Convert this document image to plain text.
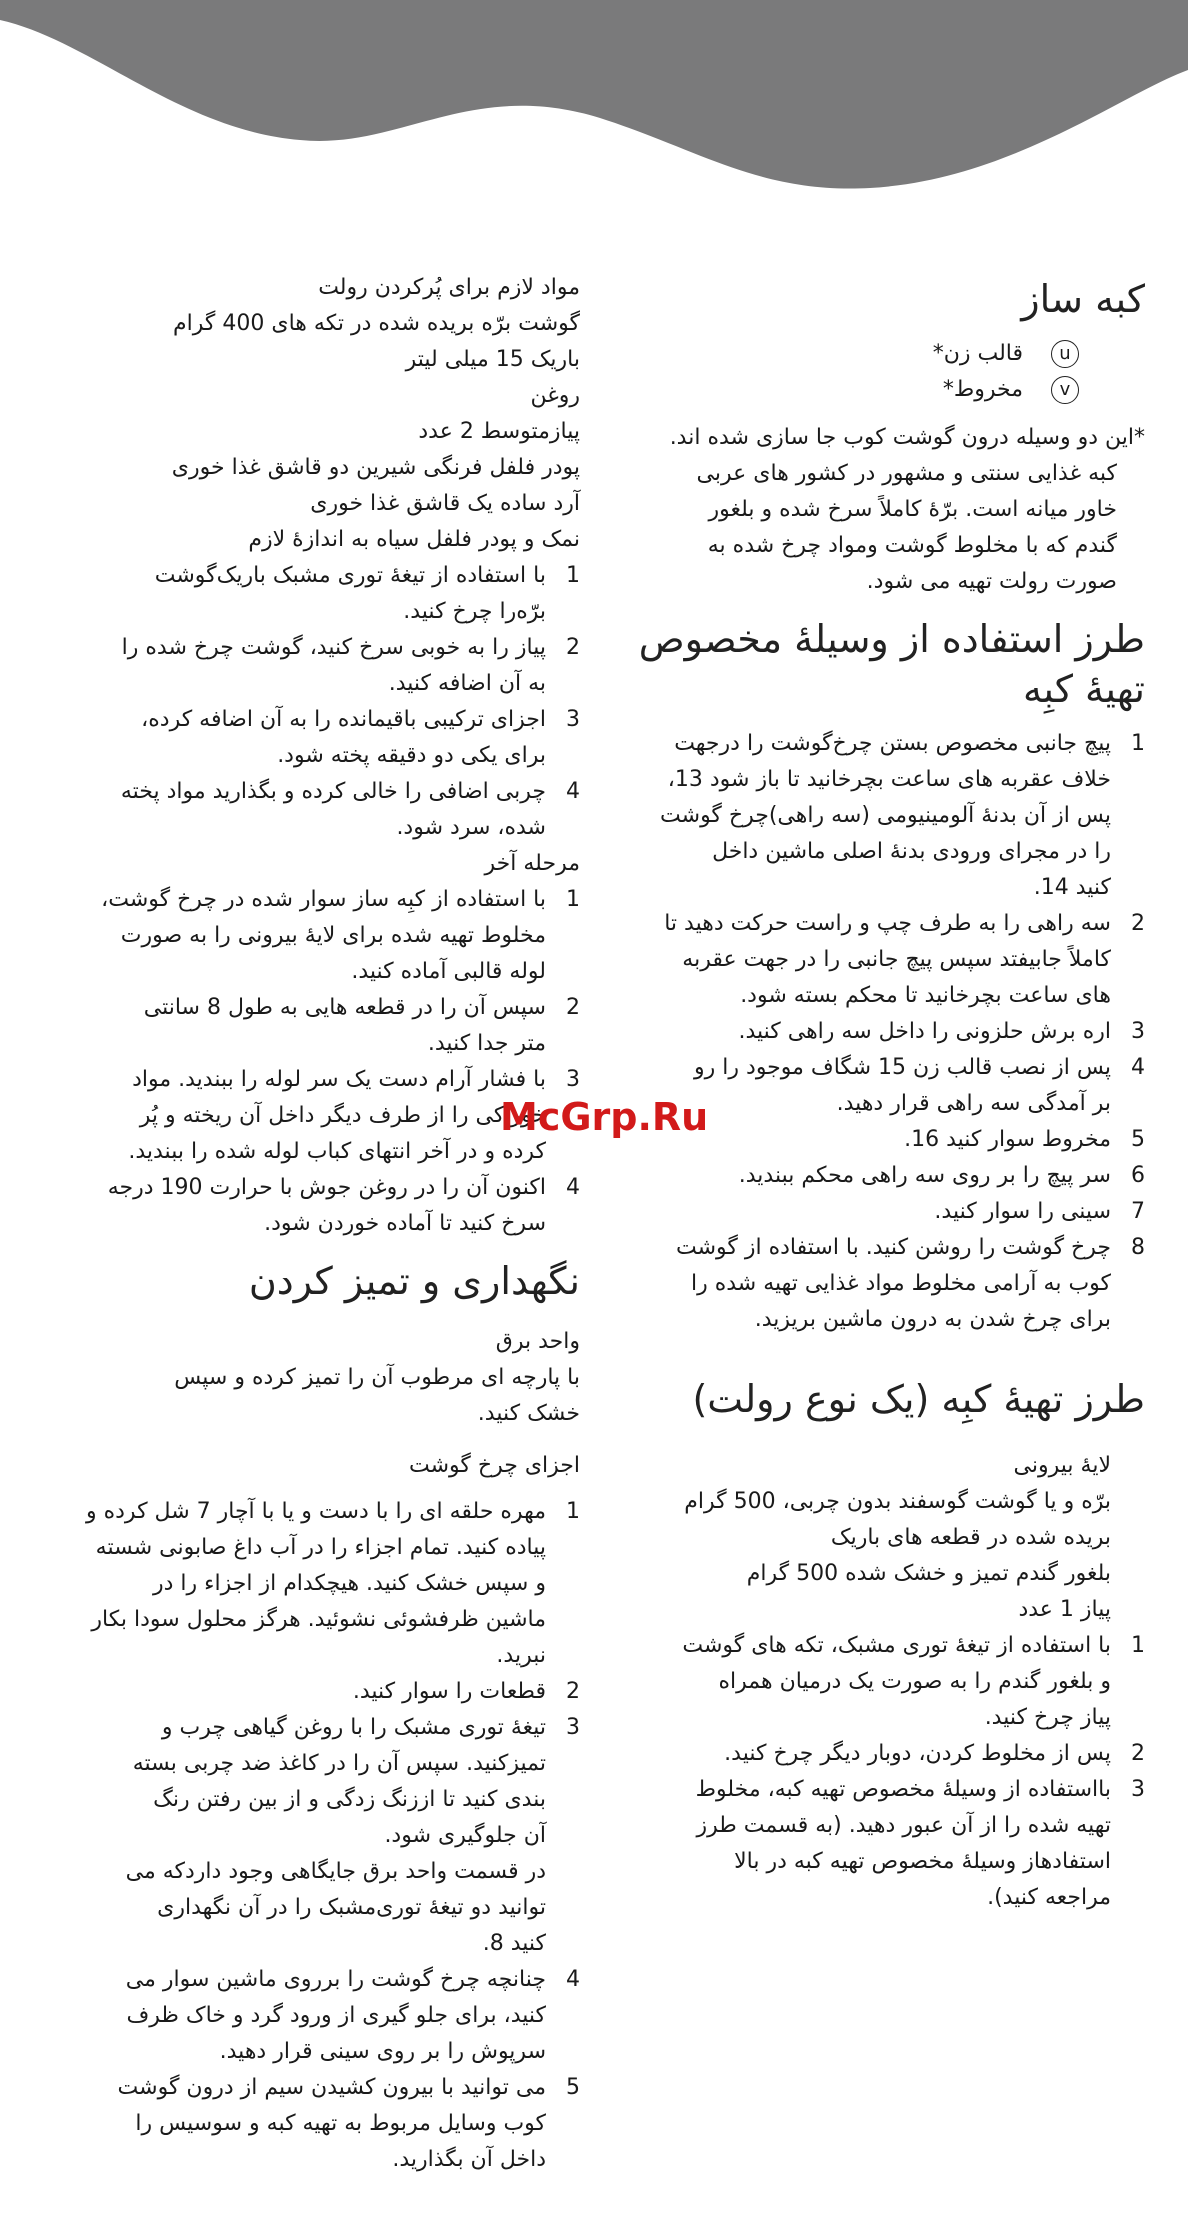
کبه ساز
u
قالب زن*
v
مخروط*
*این دو وسیله درون گوشت کوب جا سازی شده اند.
کبه غذایی سنتی و مشهور در کشور های عربی
خاور میانه است. برّهٔ کاملاً سرخ شده و بلغور
گندم که با مخلوط گوشت ومواد چرخ شده به
صورت رولت تهیه می شود.
طرز استفاده از وسیلهٔ مخصوص
تهیهٔ کبِه
1
پیچ جانبی مخصوص بستن چرخ‌گوشت را درجهت
خلاف عقربه های ساعت بچرخانید تا باز شود 13،
پس از آن بدنهٔ آلومینیومی (سه راهی)چرخ گوشت
را در مجرای ورودی بدنهٔ اصلی ماشین داخل
کنید 14.
2
سه راهی را به طرف چپ و راست حرکت دهید تا
کاملاً جابیفتد سپس پیچ جانبی را در جهت عقربه
های ساعت بچرخانید تا محکم بسته شود.
3
اره برش حلزونی را داخل سه راهی کنید.
4
پس از نصب قالب زن 15 شگاف موجود را رو
بر آمدگی سه راهی قرار دهید.
5
مخروط سوار کنید 16.
6
سر پیچ را بر روی سه راهی محکم ببندید.
7
سینی را سوار کنید.
8
چرخ گوشت را روشن کنید. با استفاده از گوشت
کوب به آرامی مخلوط مواد غذایی تهیه شده را
برای چرخ شدن به درون ماشین بریزید.
طرز تهیهٔ کبِه (یک نوع رولت)
لایهٔ بیرونی
برّه و یا گوشت گوسفند بدون چربی، 500 گرام
بریده شده در قطعه های باریک
بلغور گندم تمیز و خشک شده 500 گرام
پیاز 1 عدد
1
با استفاده از تیغهٔ توری مشبک، تکه های گوشت
و بلغور گندم را به صورت یک درمیان همراه
پیاز چرخ کنید.
2
پس از مخلوط کردن، دوبار دیگر چرخ کنید.
3
بااستفاده از وسیلهٔ مخصوص تهیه کبه، مخلوط
تهیه شده را از آن عبور دهید. (به قسمت طرز
استفادهاز وسیلهٔ مخصوص تهیه کبه در بالا
مراجعه کنید).
مواد لازم برای پُرکردن رولت
گوشت برّه بریده شده در تکه های 400 گرام
باریک 15 میلی لیتر
روغن
پیازمتوسط 2 عدد
پودر فلفل فرنگی شیرین دو قاشق غذا خوری
آرد ساده یک قاشق غذا خوری
نمک و پودر فلفل سیاه به اندازهٔ لازم
1
با استفاده از تیغهٔ توری مشبک باریک‌گوشت
برّه‌را چرخ کنید.
2
پیاز را به خوبی سرخ کنید، گوشت چرخ شده را
به آن اضافه کنید.
3
اجزای ترکیبی باقیمانده را به آن اضافه کرده،
برای یکی دو دقیقه پخته شود.
4
چربی اضافی را خالی کرده و بگذارید مواد پخته
شده، سرد شود.
مرحله آخر
1
با استفاده از کبِه ساز سوار شده در چرخ گوشت،
مخلوط تهیه شده برای لایهٔ بیرونی را به صورت
لوله قالبی آماده کنید.
2
سپس آن را در قطعه هایی به طول 8 سانتی
متر جدا کنید.
3
با فشار آرام دست یک سر لوله را ببندید. مواد
خوراکی را از طرف دیگر داخل آن ریخته و پُر
کرده و در آخر انتهای کباب لوله شده را ببندید.
4
اکنون آن را در روغن جوش با حرارت 190 درجه
سرخ کنید تا آماده خوردن شود.
نگهداری و تمیز کردن
واحد برق
با پارچه ای مرطوب آن را تمیز کرده و سپس
خشک کنید.
اجزای چرخ گوشت
1
مهره حلقه ای را با دست و یا با آچار 7 شل کرده و
پیاده کنید. تمام اجزاء را در آب داغ صابونی شسته
و سپس خشک کنید. هیچکدام از اجزاء را در
ماشین ظرفشوئی نشوئید. هرگز محلول سودا بکار
نبرید.
2
قطعات را سوار کنید.
3
تیغهٔ توری مشبک را با روغن گیاهی چرب و
تمیزکنید. سپس آن را در کاغذ ضد چربی بسته
بندی کنید تا اززنگ زدگی و از بین رفتن رنگ
آن جلوگیری شود.
در قسمت واحد برق جایگاهی وجود داردکه می
توانید دو تیغهٔ توری‌مشبک را در آن نگهداری
کنید 8.
4
چنانچه چرخ گوشت را برروی ماشین سوار می
کنید، برای جلو گیری از ورود گرد و خاک ظرف
سرپوش را بر روی سینی قرار دهید.
5
می توانید با بیرون کشیدن سیم از درون گوشت
کوب وسایل مربوط به تهیه کبه و سوسیس را
داخل آن بگذارید.
McGrp.Ru
